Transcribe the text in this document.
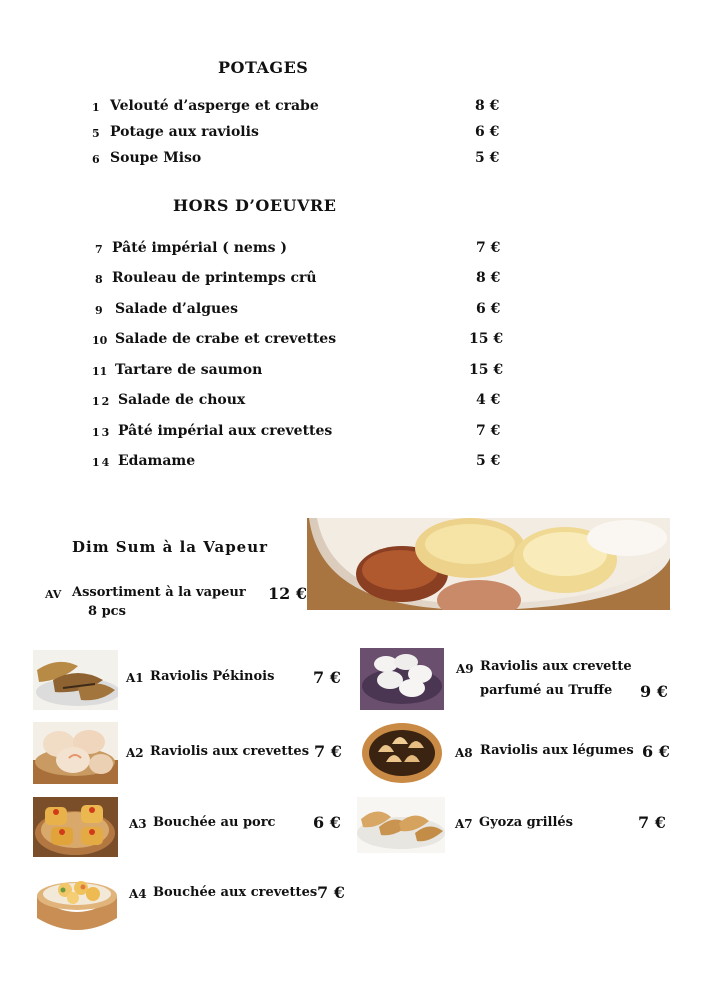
POTAGES
1 Velouté d’asperge et crabe	8 €
5 Potage aux raviolis	6 €
6 Soupe Miso	5 €
HORS D’OEUVRE
7 Pâté impérial ( nems )	7 €
8 Rouleau de printemps crû	8 €
9 Salade d’algues	6 €
10 Salade de crabe et crevettes	15 €
11 Tartare de saumon	15 €
12 Salade de choux	4 €
13 Pâté impérial aux crevettes	7 €
14 Edamame	5 €
Dim Sum à la Vapeur
AV Assortiment à la vapeur 12 €
8 pcs
A1 Raviolis Pékinois 7 €
A2 Raviolis aux crevettes 7 €
A3 Bouchée au porc 6 €
A4 Bouchée aux crevettes 7 €
A9 Raviolis aux crevette
parfumé au Truffe 9 €
A8 Raviolis aux légumes 6 €
A7 Gyoza grillés	7 €
